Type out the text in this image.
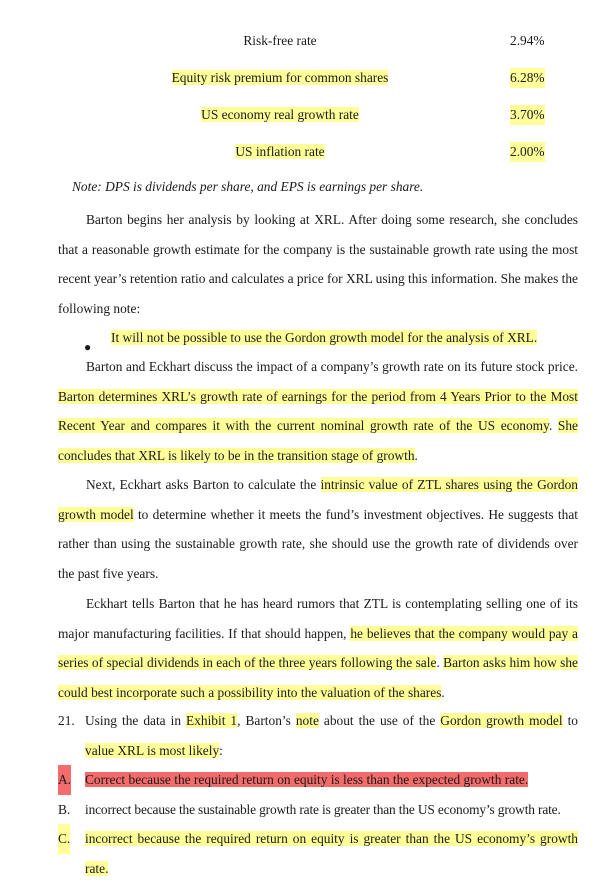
Risk-free rate	2.94%
Equity risk premium for common shares	6.28%
US economy real growth rate	3.70%
US inflation rate	2.00%
Note: DPS is dividends per share, and EPS is earnings per share.
Barton begins her analysis by looking at XRL. After doing some research, she concludes that a reasonable growth estimate for the company is the sustainable growth rate using the most recent year’s retention ratio and calculates a price for XRL using this information. She makes the following note:
●
It will not be possible to use the Gordon growth model for the analysis of XRL.
Barton and Eckhart discuss the impact of a company’s growth rate on its future stock price. Barton determines XRL’s growth rate of earnings for the period from 4 Years Prior to the Most Recent Year and compares it with the current nominal growth rate of the US economy. She concludes that XRL is likely to be in the transition stage of growth.
Next, Eckhart asks Barton to calculate the intrinsic value of ZTL shares using the Gordon growth model to determine whether it meets the fund’s investment objectives. He suggests that rather than using the sustainable growth rate, she should use the growth rate of dividends over the past five years.
Eckhart tells Barton that he has heard rumors that ZTL is contemplating selling one of its major manufacturing facilities. If that should happen, he believes that the company would pay a series of special dividends in each of the three years following the sale. Barton asks him how she could best incorporate such a possibility into the valuation of the shares.
21. Using the data in Exhibit 1, Barton’s note about the use of the Gordon growth model to value XRL is most likely:
A. Correct because the required return on equity is less than the expected growth rate.
B. incorrect because the sustainable growth rate is greater than the US economy’s growth rate.
C. incorrect because the required return on equity is greater than the US economy’s growth rate.
